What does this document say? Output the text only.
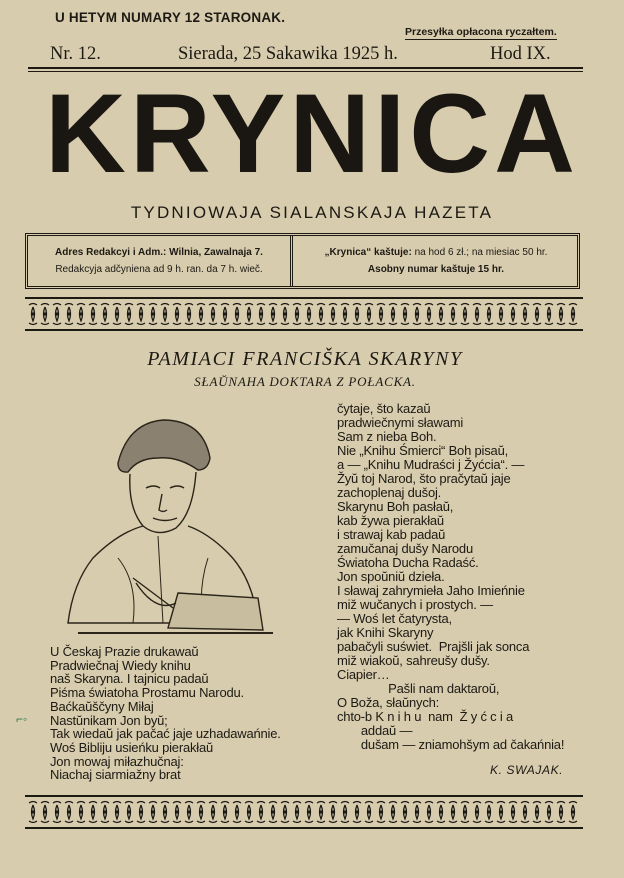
U HETYM NUMARY 12 STARONAK.
Przesyłka opłacona ryczałtem.
Nr. 12.	Sierada, 25 Sakawika 1925 h.	Hod IX.
KRYNICA
TYDNIOWAJA SIALANSKAJA HAZETA
Adres Redakcyi i Adm.: Wilnia, Zawalnaja 7.
Redakcyja adčyniena ad 9 h. ran. da 7 h. wieč.
„Krynica“ kaštuje: na hod 6 zł.; na miesiac 50 hr.
Asobny numar kaštuje 15 hr.
PAMIACI FRANCIŠKA SKARYNY
SŁAŬNAHA DOKTARA Z POŁACKA.
⌐◦
U Českaj Prazie drukawaŭ
Pradwiečnaj Wiedy knihu
naš Skaryna. I tajnicu padaŭ
Piśma światoha Prostamu Narodu.
Baćkaŭščyny Miłaj
Nastŭnikam Jon byŭ;
Tak wiedaŭ jak pačać jaje uzhadawańnie.
Woś Bibliju usieńku pierakłaŭ
Jon mowaj miłazhučnaj:
Niachaj siarmiažny brat
čytaje, što kazaŭ
pradwiečnymi sławami
Sam z nieba Boh.
Nie „Knihu Śmierci“ Boh pisaŭ,
a — „Knihu Mudraści j Žyćcia“. —
Žyŭ toj Narod, što pračytaŭ jaje
zachoplenaj dušoj.
Skarynu Boh pasłaŭ,
kab žywa pierakłaŭ
i strawaj kab padaŭ
zamučanaj dušy Narodu
Światoha Ducha Radaść.
Jon spoŭniŭ dzieła.
I sławaj zahrymieła Jaho Imieńnie
miž wučanych i prostych. —
— Woś let čatyrysta,
jak Knihi Skaryny
pabačyli suświet.  Prajšli jak sonca
miž wiakoŭ, sahreušy dušy.
Ciapier…
Pašli nam daktaroŭ,
O Boža, słaŭnych:
chto-b K n i h u  nam  Ž y ć c i a
addaŭ —
dušam — zniamohšym ad čakańnia!
K. SWAJAK.
